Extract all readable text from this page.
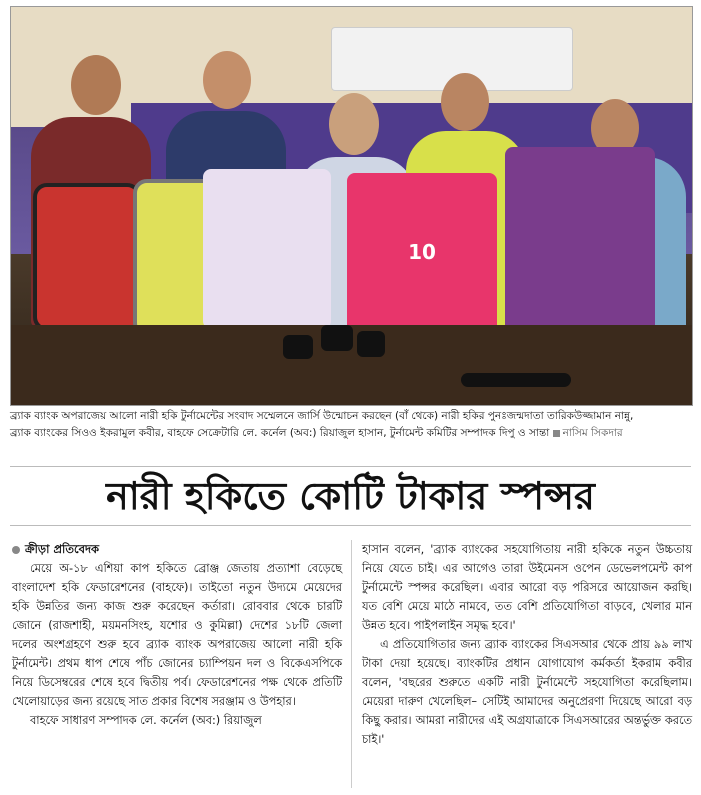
10
ব্র্যাক ব্যাংক অপরাজেয় আলো নারী হকি টুর্নামেন্টের সংবাদ সম্মেলনে জার্সি উন্মোচন করছেন (বাঁ থেকে) নারী হকির পুনঃজন্মদাতা তারিকউজ্জামান নান্নু,
ব্র্যাক ব্যাংকের সিওও ইকরামুল কবীর, বাহফে সেক্রেটারি লে. কর্নেল (অব:) রিয়াজুল হাসান, টুর্নামেন্ট কমিটির সম্পাদক দিপু ও সান্তা নাসিম সিকদার
নারী হকিতে কোটি টাকার স্পন্সর

ক্রীড়া প্রতিবেদক

মেয়ে অ-১৮ এশিয়া কাপ হকিতে ব্রোঞ্জ জেতায় প্রত্যাশা বেড়েছে বাংলাদেশ হকি ফেডারেশনের (বাহফে)। তাইতো নতুন উদ্যমে মেয়েদের হকি উন্নতির জন্য কাজ শুরু করেছেন কর্তারা। রোববার থেকে চারটি জোনে (রাজশাহী, ময়মনসিংহ, যশোর ও কুমিল্লা) দেশের ১৮টি জেলা দলের অংশগ্রহণে শুরু হবে ব্র্যাক ব্যাংক অপরাজেয় আলো নারী হকি টুর্নামেন্ট। প্রথম ধাপ শেষে পাঁচ জোনের চ্যাম্পিয়ন দল ও বিকেএসপিকে নিয়ে ডিসেম্বরের শেষে হবে দ্বিতীয় পর্ব। ফেডারেশনের পক্ষ থেকে প্রতিটি খেলোয়াড়ের জন্য রয়েছে সাত প্রকার বিশেষ সরঞ্জাম ও উপহার।

বাহফে সাধারণ সম্পাদক লে. কর্নেল (অব:) রিয়াজুল

হাসান বলেন, 'ব্র্যাক ব্যাংকের সহযোগিতায় নারী হকিকে নতুন উচ্চতায় নিয়ে যেতে চাই। এর আগেও তারা উইমেনস ওপেন ডেভেলপমেন্ট কাপ টুর্নামেন্টে স্পন্সর করেছিল। এবার আরো বড় পরিসরে আয়োজন করছি। যত বেশি মেয়ে মাঠে নামবে, তত বেশি প্রতিযোগিতা বাড়বে, খেলার মান উন্নত হবে। পাইপলাইন সমৃদ্ধ হবে।'

এ প্রতিযোগিতার জন্য ব্র্যাক ব্যাংকের সিএসআর থেকে প্রায় ৯৯ লাখ টাকা দেয়া হয়েছে। ব্যাংকটির প্রধান যোগাযোগ কর্মকর্তা ইকরাম কবীর বলেন, 'বছরের শুরুতে একটি নারী টুর্নামেন্টে সহযোগিতা করেছিলাম। মেয়েরা দারুণ খেলেছিল– সেটিই আমাদের অনুপ্রেরণা দিয়েছে আরো বড় কিছু করার। আমরা নারীদের এই অগ্রযাত্রাকে সিএসআরের অন্তর্ভুক্ত করতে চাই।'
